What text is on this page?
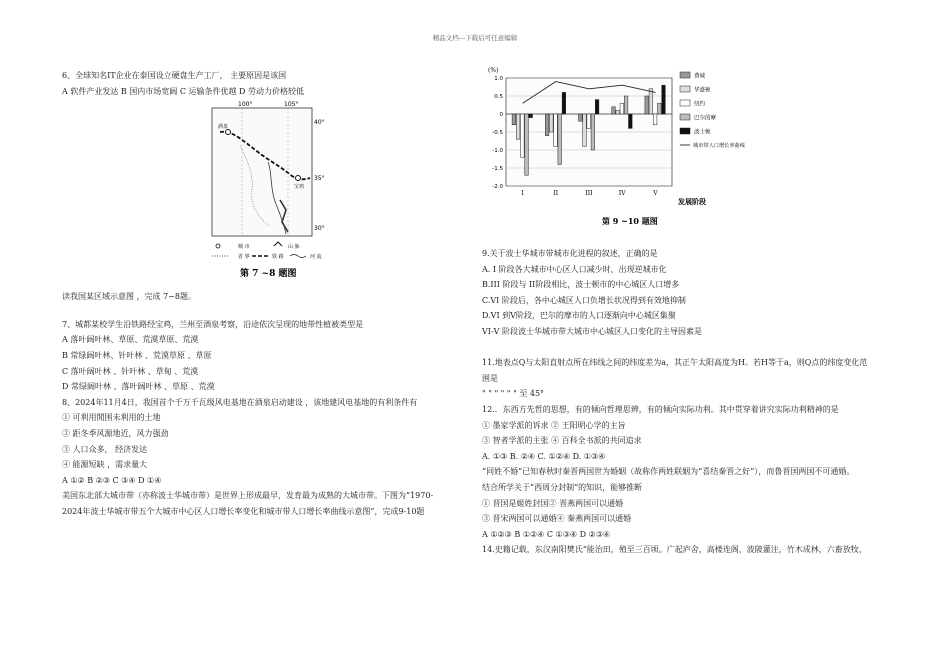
精品文档---下载后可任意编辑

6、全球知名IT企业在泰国设立硬盘生产工厂， 主要原因是该国

A 软件产业发达 B 国内市场宽阔 C 运输条件优越 D 劳动力价格较低

读我国某区域示意图 ，完成 7~8题。

7、城都某校学生沿铁路经宝鸡，兰州至酒泉考察，沿途依次呈现的地带性植被类型是

A 落叶阔叶林、草原、荒漠草原、荒漠

B 常绿阔叶林、针叶林 、荒漠草原 、草原

C 落叶阔叶林 、针叶林 、草甸 、荒漠

D 常绿阔叶林 、落叶阔叶林 、草原 、荒漠

8、2024年11月4日，我国首个千万千瓦级风电基地在酒泉启动建设 ，该地建风电基地的有利条件有

① 可利用閒围未利用的土地

② 距冬季风源地近，风力强劲

③ 人口众多， 经济发达

④ 能源短缺 ，需求量大

A ①② B ②③ C ③④ D ①④

美国东北部大城市带（亦称波士华城市带）是世界上形成最早，发育最为成熟的大城市带。下图为“1970-

2024年波士华城市带五个大城市中心区人口增长率变化和城市带人口增长率曲线示意图”，完成9-10题

100°	105°
40°
35°
30°
酒泉
宝鸡
城 市	山 脉
省 界	铁 路	河 流
第 7 ~8 题图
(%)
1.0
0.5
0
-0.5
-1.0
-1.5
-2.0
I	II	III	IV	V
费城
华盛顿
纽约
巴尔的摩
波士顿
城市带人口增长率曲线
发展阶段
第 9 ~10 题图

9.关于波士华城市带城市化进程的叙述，正确的是

A. I 阶段各大城市中心区人口减少时，出现逆城市化

B.III 阶段与 II阶段相比，波士顿市的中心城区人口增多

C.VI 阶段后，各中心城区人口负增长状况得到有效地抑制

D.VI 到Ⅴ阶段，巴尔的摩市的人口逐渐向中心城区集聚

VI-Ⅴ 阶段波士华城市带大城市中心城区人口变化的主导因素是

11.地表点Q与太阳直射点所在纬线之间的纬度差为a，其正午太阳高度为H。若H等于a，则Q点的纬度变化范

围是

" " " " " " 至 45°

12.．东西方先哲的思想，有的倾向哲理思辨，有的倾向实际功利。其中贯穿着讲究实际功利精神的是

① 墨家学派的诉求 ② 王阳明心学的主旨

③ 智者学派的主张 ④ 百科全书派的共同追求

A. ①③ B. ②④ C. ①②④ D. ①③④

“同姓不婚”已知春秋时秦晋两国世为婚姻（故称作两姓联姻为“喜结秦晋之好”），而鲁晋国两国不可通婚。

结合所学关于“西周分封制”的知识，能够推断

① 晋国是姬姓封国② 晋燕两国可以通婚

③ 晋宋两国可以通婚④ 秦燕两国可以通婚

A ①②③ B ①②④ C ①③④ D ②③④

14.史籍记载，东汉南阳樊氏“能治田，殖至三百顷。广起庐舍，高楼连阁，波陂灌注，竹木成林，六畜放牧，
